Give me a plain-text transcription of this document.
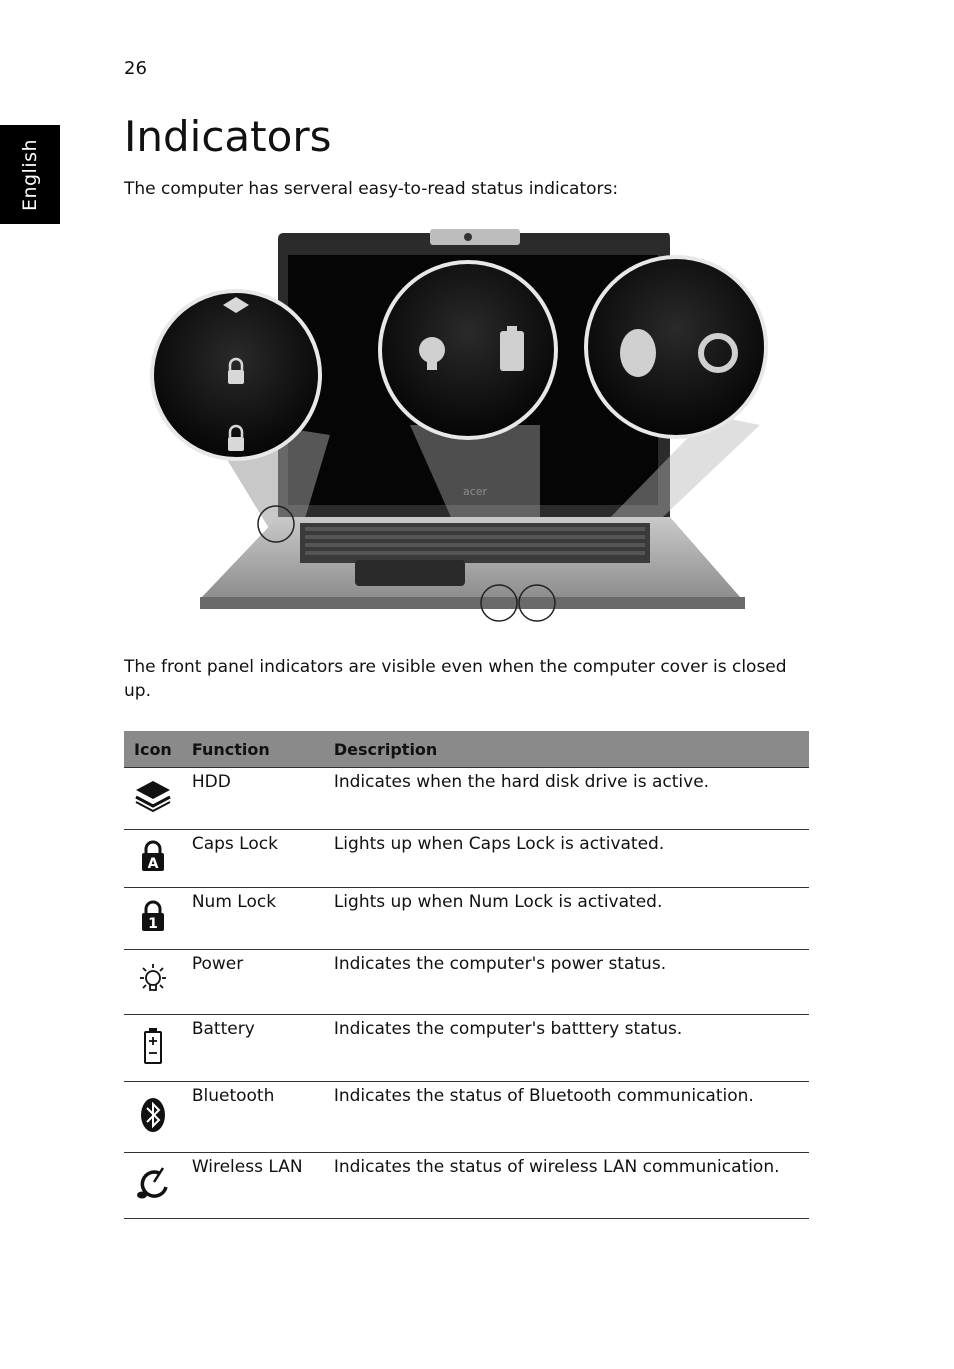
26
English
Indicators
The computer has serveral easy-to-read status indicators:
acer
The front panel indicators are visible even when the computer cover is closed up.
Icon	Function	Description
	HDD	Indicates when the hard disk drive is active.

A	Caps Lock	Lights up when Caps Lock is activated.

1	Num Lock	Lights up when Num Lock is activated.
	Power	Indicates the computer's power status.
	Battery	Indicates the computer's batttery status.
	Bluetooth	Indicates the status of Bluetooth communication.
	Wireless LAN	Indicates the status of wireless LAN communication.
